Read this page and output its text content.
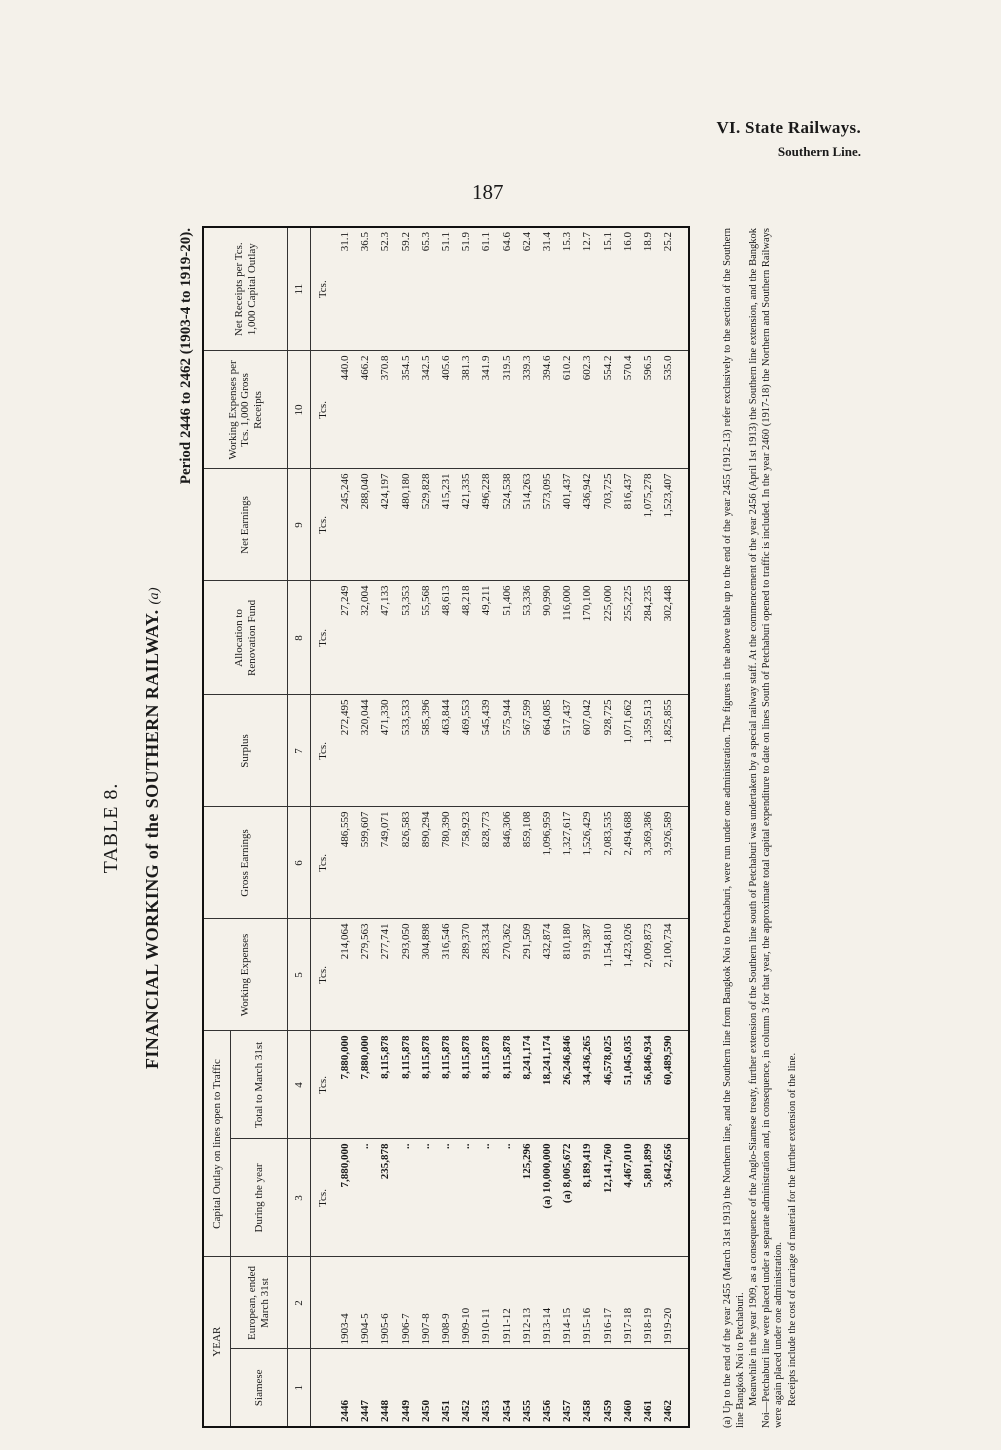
VI. State Railways.
Southern Line.
187
TABLE 8. FINANCIAL WORKING of the SOUTHERN RAILWAY. (a)
Period 2446 to 2462 (1903-4 to 1919-20).
YEAR		Capital Outlay on lines open to Traffic		Working Expenses	Gross Earnings	Surplus	Allocation to Renovation Fund	Net Earnings	Working Expenses per Tcs. 1,000 Gross Receipts	Net Receipts per Tcs. 1,000 Capital Outlay
Siamese	European, ended March 31st	During the year	Total to March 31st							
1	2	3	4	5	6	7	8	9	10	11
		Tcs.	Tcs.	Tcs.	Tcs.	Tcs.	Tcs.	Tcs.	Tcs.	Tcs.
2446	1903-4	7,880,000	7,880,000	214,064	486,559	272,495	27,249	245,246	440.0	31.1
2447	1904-5	..	7,880,000	279,563	599,607	320,044	32,004	288,040	466.2	36.5
2448	1905-6	235,878	8,115,878	277,741	749,071	471,330	47,133	424,197	370.8	52.3
2449	1906-7	..	8,115,878	293,050	826,583	533,533	53,353	480,180	354.5	59.2
2450	1907-8	..	8,115,878	304,898	890,294	585,396	55,568	529,828	342.5	65.3
2451	1908-9	..	8,115,878	316,546	780,390	463,844	48,613	415,231	405.6	51.1
2452	1909-10	..	8,115,878	289,370	758,923	469,553	48,218	421,335	381.3	51.9
2453	1910-11	..	8,115,878	283,334	828,773	545,439	49,211	496,228	341.9	61.1
2454	1911-12	..	8,115,878	270,362	846,306	575,944	51,406	524,538	319.5	64.6
2455	1912-13	125,296	8,241,174	291,509	859,108	567,599	53,336	514,263	339.3	62.4
2456	1913-14	(a) 10,000,000	18,241,174	432,874	1,096,959	664,085	90,990	573,095	394.6	31.4
2457	1914-15	(a) 8,005,672	26,246,846	810,180	1,327,617	517,437	116,000	401,437	610.2	15.3
2458	1915-16	8,189,419	34,436,265	919,387	1,526,429	607,042	170,100	436,942	602.3	12.7
2459	1916-17	12,141,760	46,578,025	1,154,810	2,083,535	928,725	225,000	703,725	554.2	15.1
2460	1917-18	4,467,010	51,045,035	1,423,026	2,494,688	1,071,662	255,225	816,437	570.4	16.0
2461	1918-19	5,801,899	56,846,934	2,009,873	3,369,386	1,359,513	284,235	1,075,278	596.5	18.9
2462	1919-20	3,642,656	60,489,590	2,100,734	3,926,589	1,825,855	302,448	1,523,407	535.0	25.2
											(a) Up to the end of the year 2455 (March 31st 1913) the Northern line, and the Southern line from Bangkok Noi to Petchaburi, were run under one administration. The figures in the above table up to the end of the year 2455 (1912-13) refer exclusively to the section of the Southern line Bangkok Noi to Petchaburi. Meanwhile in the year 1909, as a consequence of the Anglo-Siamese treaty, further extension of the Southern line south of Petchaburi was undertaken by a special railway staff. At the commencement of the year 2456 (April 1st 1913) the Southern line extension, and the Bangkok Noi—Petchaburi line were placed under a separate administration and, in consequence, in column 3 for that year, the approximate total capital expenditure to date on lines South of Petchaburi opened to traffic is included. In the year 2460 (1917-18) the Northern and Southern Railways were again placed under one administration. Receipts include the cost of carriage of material for the further extension of the line.
